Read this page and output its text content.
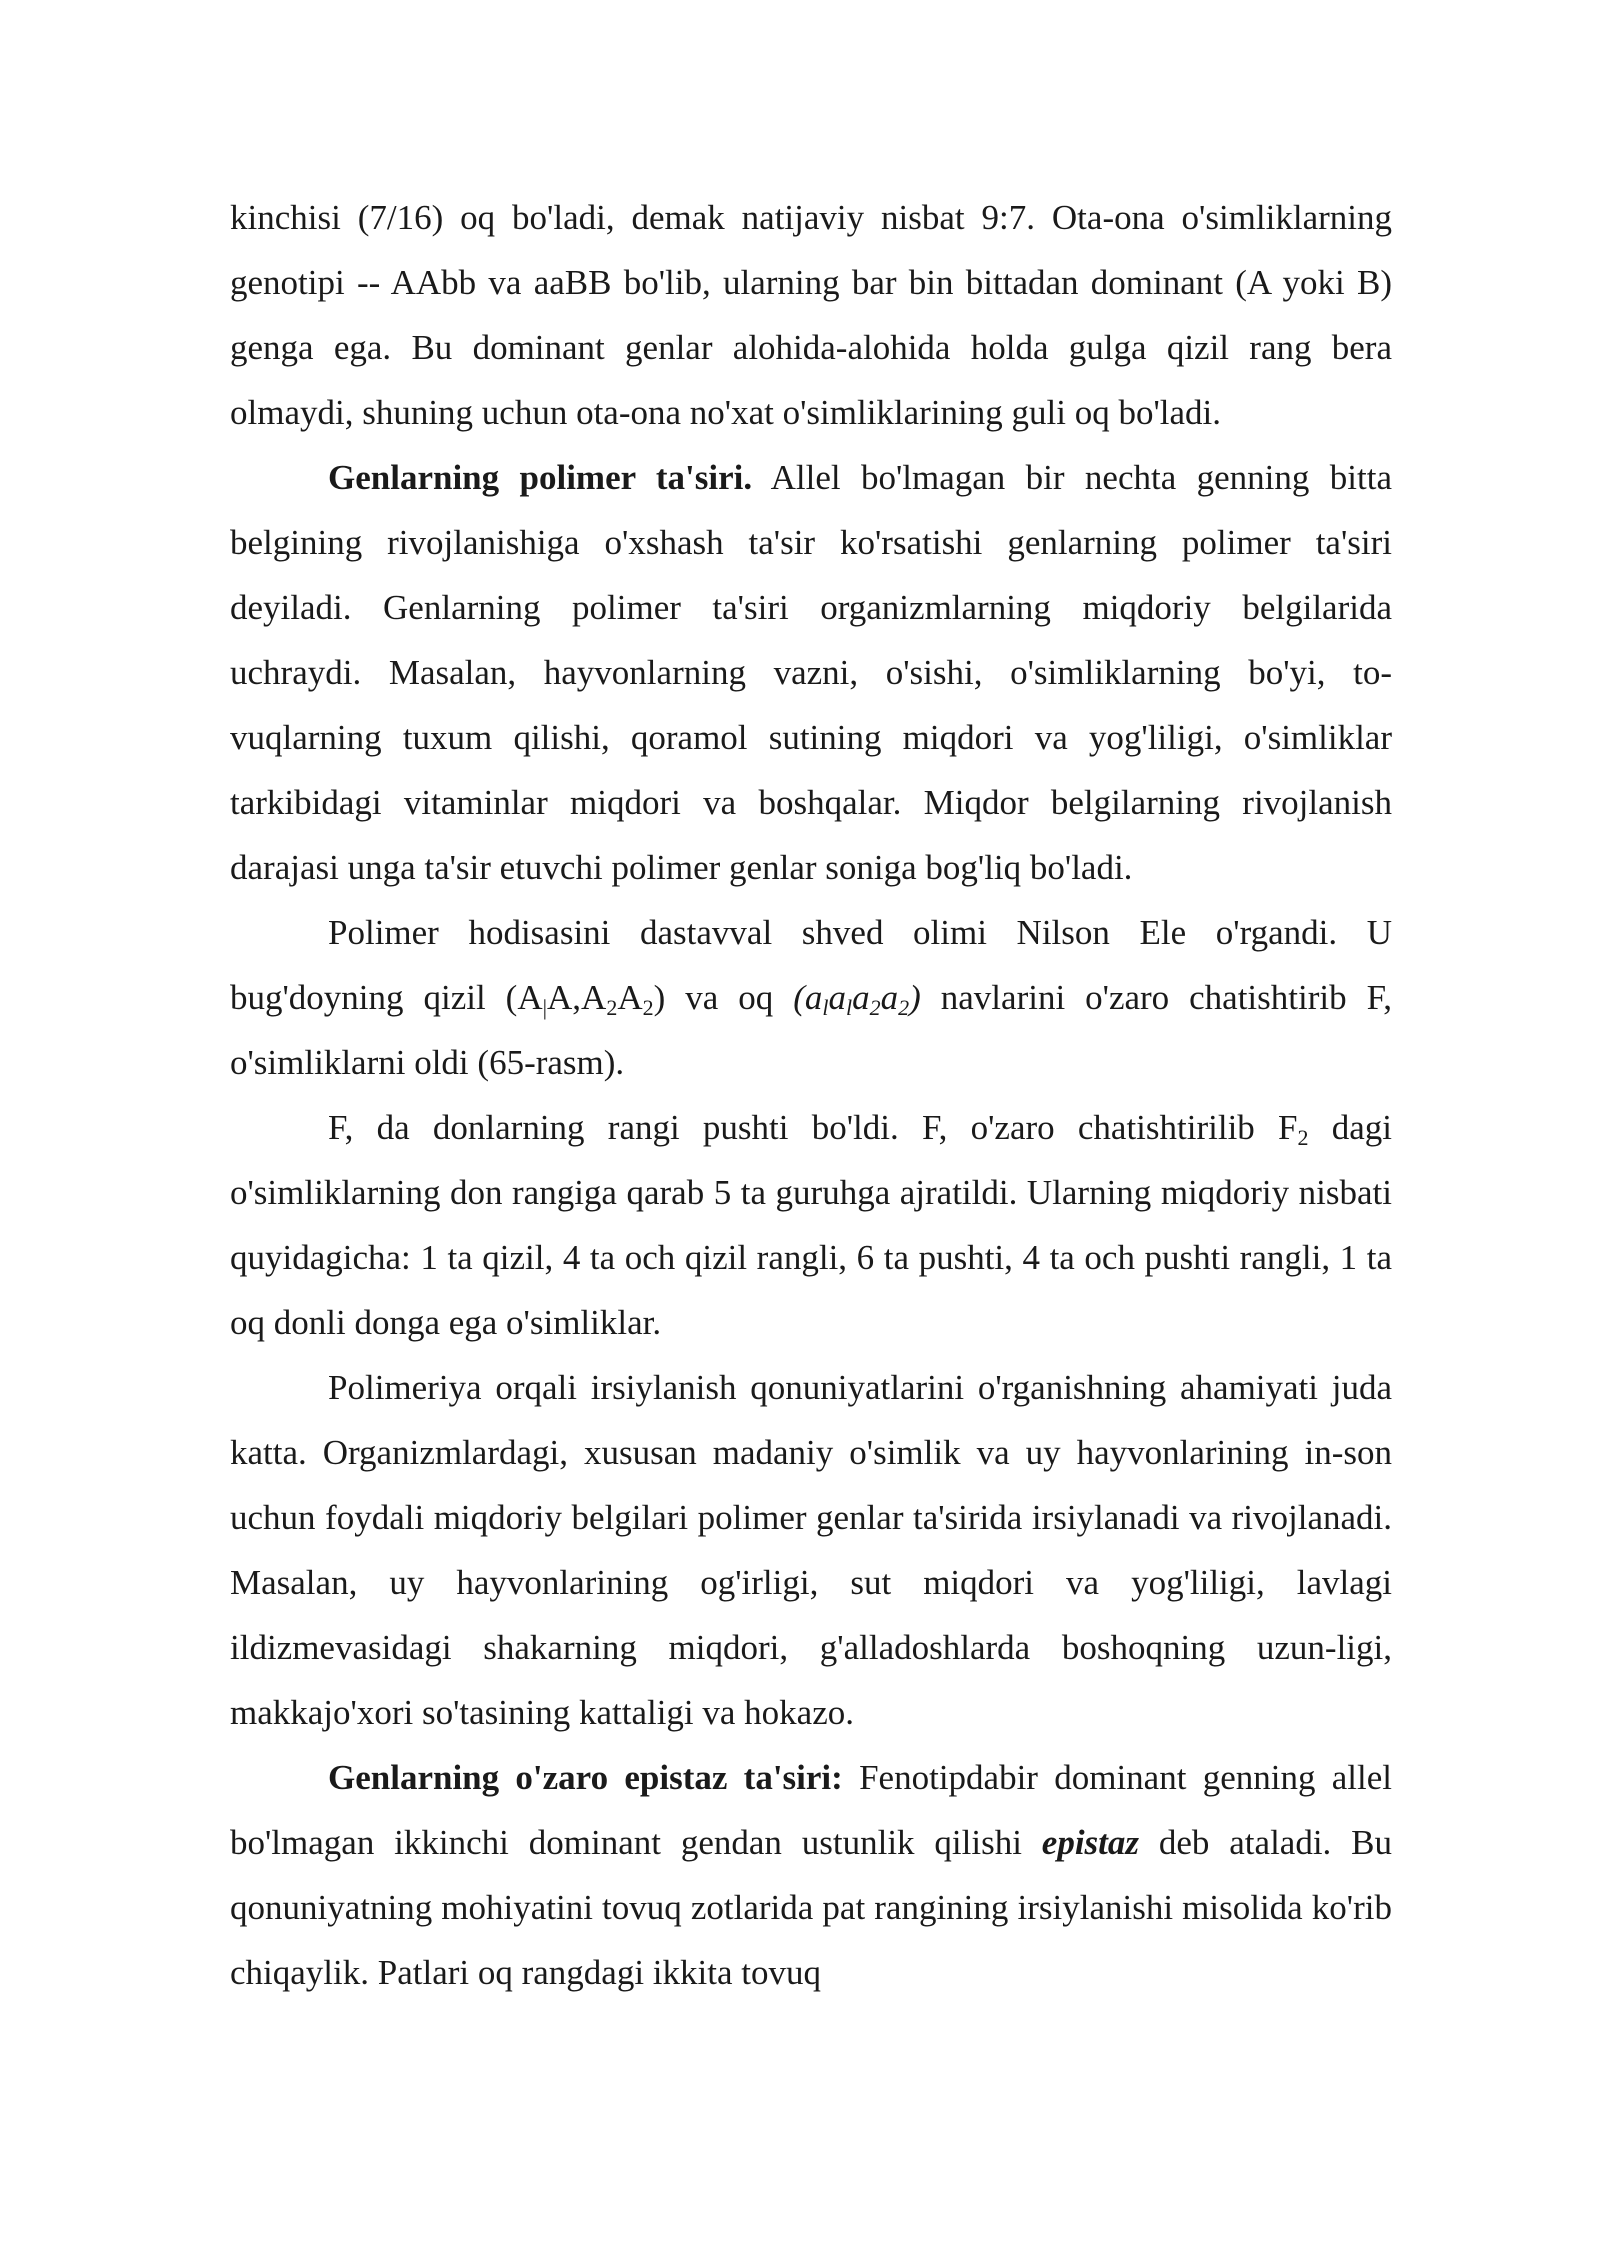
kinchisi (7/16) oq bo'ladi, demak natijaviy nisbat 9:7. Ota-ona o'simliklarning genotipi -- AAbb va aaBB bo'lib, ularning bar bin bittadan dominant (A yoki B) genga ega. Bu dominant genlar alohida-alohida holda gulga qizil rang bera olmaydi, shuning uchun ota-ona no'xat o'simliklarining guli oq bo'ladi.

Genlarning polimer ta'siri. Allel bo'lmagan bir nechta genning bitta belgining rivojlanishiga o'xshash ta'sir ko'rsatishi genlarning polimer ta'siri deyiladi. Genlarning polimer ta'siri organizmlarning miqdoriy belgilarida uchraydi. Masalan, hayvonlarning vazni, o'sishi, o'simliklarning bo'yi, to-vuqlarning tuxum qilishi, qoramol sutining miqdori va yog'liligi, o'simliklar tarkibidagi vitaminlar miqdori va boshqalar. Miqdor belgilarning rivojlanish darajasi unga ta'sir etuvchi polimer genlar soniga bog'liq bo'ladi.

Polimer hodisasini dastavval shved olimi Nilson Ele o'rgandi. U bug'doyning qizil $(A_|A,A_2A_2)$ va oq $(a_la_la_2a_2)$ navlarini o'zaro chatishtirib F, o'simliklarni oldi (65-rasm).

F, da donlarning rangi pushti bo'ldi. F, o'zaro chatishtirilib $F_2$ dagi o'simliklarning don rangiga qarab 5 ta guruhga ajratildi. Ularning miqdoriy nisbati quyidagicha: 1 ta qizil, 4 ta och qizil rangli, 6 ta pushti, 4 ta och pushti rangli, 1 ta oq donli donga ega o'simliklar.

Polimeriya orqali irsiylanish qonuniyatlarini o'rganishning ahamiyati juda katta. Organizmlardagi, xususan madaniy o'simlik va uy hayvonlarining in-son uchun foydali miqdoriy belgilari polimer genlar ta'sirida irsiylanadi va rivojlanadi. Masalan, uy hayvonlarining og'irligi, sut miqdori va yog'liligi, lavlagi ildizmevasidagi shakarning miqdori, g'alladoshlarda boshoqning uzun-ligi, makkajo'xori so'tasining kattaligi va hokazo.

Genlarning o'zaro epistaz ta'siri: Fenotipdabir dominant genning allel bo'lmagan ikkinchi dominant gendan ustunlik qilishi epistaz deb ataladi. Bu qonuniyatning mohiyatini tovuq zotlarida pat rangining irsiylanishi misolida ko'rib chiqaylik. Patlari oq rangdagi ikkita tovuq
